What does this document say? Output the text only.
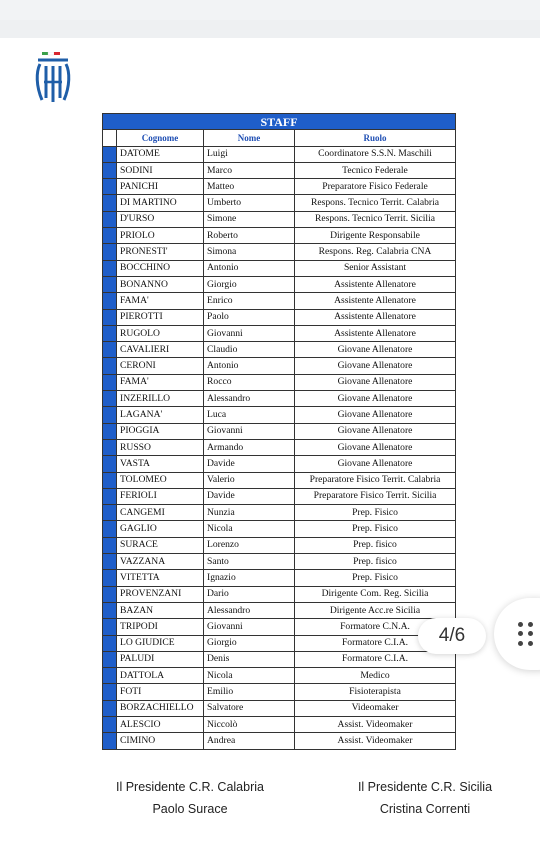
STAFF			
	Cognome	Nome	Ruolo
	DATOME	Luigi	Coordinatore S.S.N. Maschili
	SODINI	Marco	Tecnico Federale
	PANICHI	Matteo	Preparatore Fisico Federale
	DI MARTINO	Umberto	Respons. Tecnico Territ. Calabria
	D'URSO	Simone	Respons. Tecnico Territ. Sicilia
	PRIOLO	Roberto	Dirigente Responsabile
	PRONESTI'	Simona	Respons. Reg. Calabria CNA
	BOCCHINO	Antonio	Senior Assistant
	BONANNO	Giorgio	Assistente Allenatore
	FAMA'	Enrico	Assistente Allenatore
	PIEROTTI	Paolo	Assistente Allenatore
	RUGOLO	Giovanni	Assistente Allenatore
	CAVALIERI	Claudio	Giovane Allenatore
	CERONI	Antonio	Giovane Allenatore
	FAMA'	Rocco	Giovane Allenatore
	INZERILLO	Alessandro	Giovane Allenatore
	LAGANA'	Luca	Giovane Allenatore
	PIOGGIA	Giovanni	Giovane Allenatore
	RUSSO	Armando	Giovane Allenatore
	VASTA	Davide	Giovane Allenatore
	TOLOMEO	Valerio	Preparatore Fisico Territ. Calabria
	FERIOLI	Davide	Preparatore Fisico Territ. Sicilia
	CANGEMI	Nunzia	Prep. Fisico
	GAGLIO	Nicola	Prep. Fisico
	SURACE	Lorenzo	Prep. fisico
	VAZZANA	Santo	Prep. fisico
	VITETTA	Ignazio	Prep. Fisico
	PROVENZANI	Dario	Dirigente Com. Reg. Sicilia
	BAZAN	Alessandro	Dirigente Acc.re Sicilia
	TRIPODI	Giovanni	Formatore C.N.A.
	LO GIUDICE	Giorgio	Formatore C.I.A.
	PALUDI	Denis	Formatore C.I.A.
	DATTOLA	Nicola	Medico
	FOTI	Emilio	Fisioterapista
	BORZACHIELLO	Salvatore	Videomaker
	ALESCIO	Niccolò	Assist. Videomaker
	CIMINO	Andrea	Assist. Videomaker
Il Presidente C.R. Calabria
Paolo Surace
Il Presidente C.R. Sicilia
Cristina Correnti
4/6
